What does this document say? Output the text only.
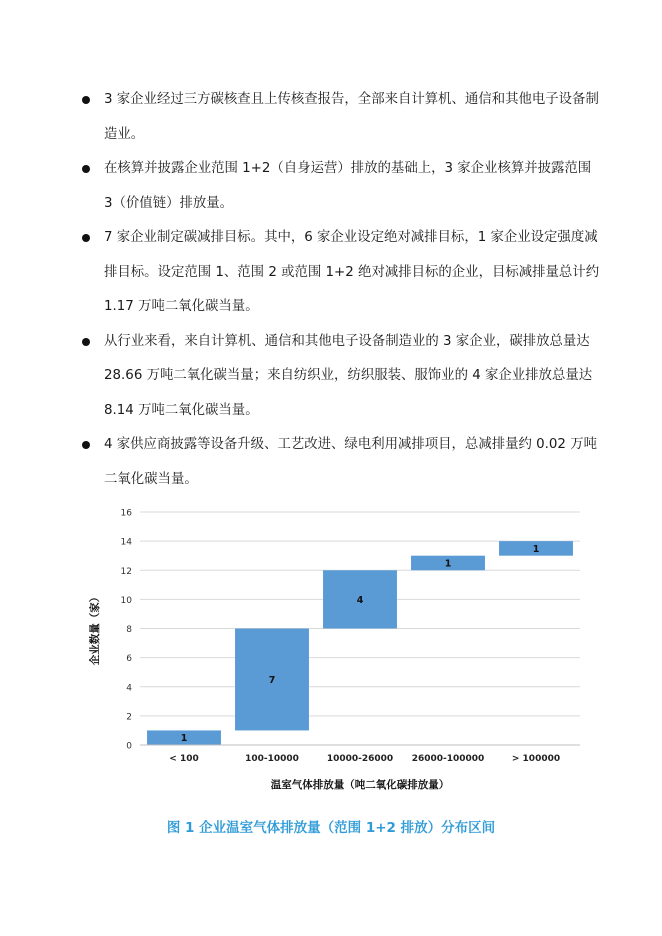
3 家企业经过三方碳核查且上传核查报告，全部来自计算机、通信和其他电子设备制造业。
在核算并披露企业范围 1+2（自身运营）排放的基础上，3 家企业核算并披露范围 3（价值链）排放量。
7 家企业制定碳减排目标。其中，6 家企业设定绝对减排目标，1 家企业设定强度减排目标。设定范围 1、范围 2 或范围 1+2 绝对减排目标的企业，目标减排量总计约 1.17 万吨二氧化碳当量。
从行业来看，来自计算机、通信和其他电子设备制造业的 3 家企业，碳排放总量达 28.66 万吨二氧化碳当量；来自纺织业，纺织服装、服饰业的 4 家企业排放总量达 8.14 万吨二氧化碳当量。
4 家供应商披露等设备升级、工艺改进、绿电利用减排项目，总减排量约 0.02 万吨二氧化碳当量。
0
2
4
6
8
10
12
14
16
1
7
4
1
1
< 100	100-10000	10000-26000 26000-100000	> 100000
温室气体排放量（吨二氧化碳排放量）
企业数量（家）
图 1 企业温室气体排放量（范围 1+2 排放）分布区间
